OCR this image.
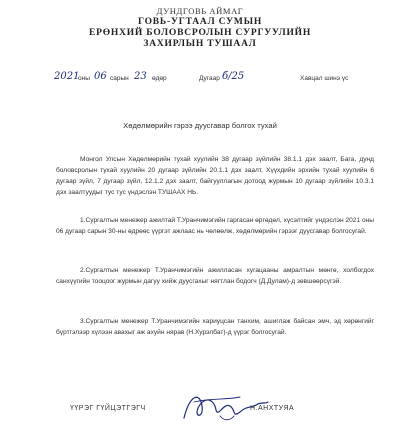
ДУНДГОВЬ АЙМАГ
ГОВЬ-УГТААЛ СУМЫН
ЕРӨНХИЙ БОЛОВСРОЛЫН СУРГУУЛИЙН
ЗАХИРЛЫН ТУШААЛ
2021
оны 06 сарын 23 өдөр	Дугаар б/25	Хавцал шинэ үс
Хөдөлмөрийн гэрээ дуусгавар болгох тухай

Монгол Улсын Хөдөлмөрийн тухай хуулийн 38 дугаар зүйлийн 38.1.1 дэх заалт, Бага, дунд боловсролын тухай хуулийн 20 дугаар зүйлийн 20.1.1 дэх заалт, Хүүхдийн эрхийн тухай хуулийн 6 дугаар зүйл, 7 дугаар зүйл, 12.1.2 дэх заалт, байгууллагын дотоод журмын 10 дугаар зүйлийн 10.3.1 дэх заалтуудыг тус тус үндэслэн ТУШААХ НЬ.

1.Сургалтын менежер ажилтай Т.Уранчимэгийн гаргасан өргөдөл, хүсэлтийг үндэслэн 2021 оны 06 дугаар сарын 30-ны өдрөөс үүргэт ажлаас нь чөлөөлж, хөдөлмөрийн гэрээг дуусгавар болгосугай.

2.Сургалтын менежер Т.Уранчимэгийн ажилласан хугацааны амралтын мөнгө, холбогдох санхүүгийн тооцоог журмын дагуу хийж дуусгахыг нягтлан бодогч (Д.Дулам)-д зөвшөөрсүгэй.

3.Сургалтын менежер Т.Уранчимэгийн хариуцсан танхим, ашиглаж байсан эмч, эд хөрөнгийг бүртгэлээр хүлээн авахыг аж ахуйн нярав (Н.Хурэлбат)-д үүрэг болгосугай.

ҮҮРЭГ ГҮЙЦЭТГЭГЧ	Н.АНХТУЯА
